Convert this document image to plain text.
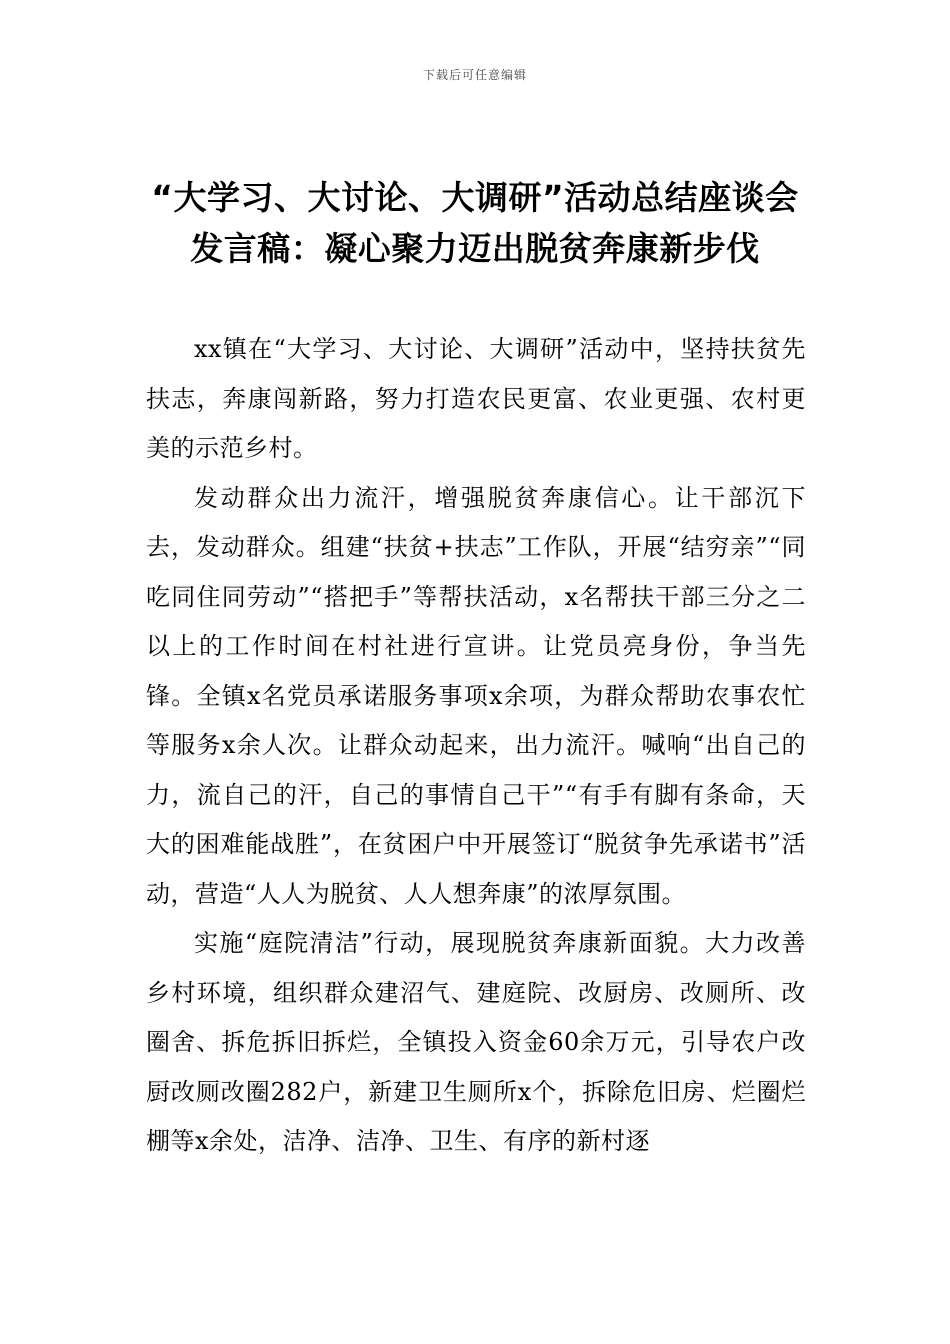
下载后可任意编辑
“大学习、大讨论、大调研”活动总结座谈会发言稿：凝心聚力迈出脱贫奔康新步伐

xx镇在“大学习、大讨论、大调研”活动中，坚持扶贫先扶志，奔康闯新路，努力打造农民更富、农业更强、农村更美的示范乡村。

发动群众出力流汗，增强脱贫奔康信心。让干部沉下去，发动群众。组建“扶贫+扶志”工作队，开展“结穷亲”“同吃同住同劳动”“搭把手”等帮扶活动，x名帮扶干部三分之二以上的工作时间在村社进行宣讲。让党员亮身份，争当先锋。全镇x名党员承诺服务事项x余项，为群众帮助农事农忙等服务x余人次。让群众动起来，出力流汗。喊响“出自己的力，流自己的汗，自己的事情自己干”“有手有脚有条命，天大的困难能战胜”，在贫困户中开展签订“脱贫争先承诺书”活动，营造“人人为脱贫、人人想奔康”的浓厚氛围。

实施“庭院清洁”行动，展现脱贫奔康新面貌。大力改善乡村环境，组织群众建沼气、建庭院、改厨房、改厕所、改圈舍、拆危拆旧拆烂，全镇投入资金60余万元，引导农户改厨改厕改圈282户，新建卫生厕所x个，拆除危旧房、烂圈烂棚等x余处，洁净、洁净、卫生、有序的新村逐
